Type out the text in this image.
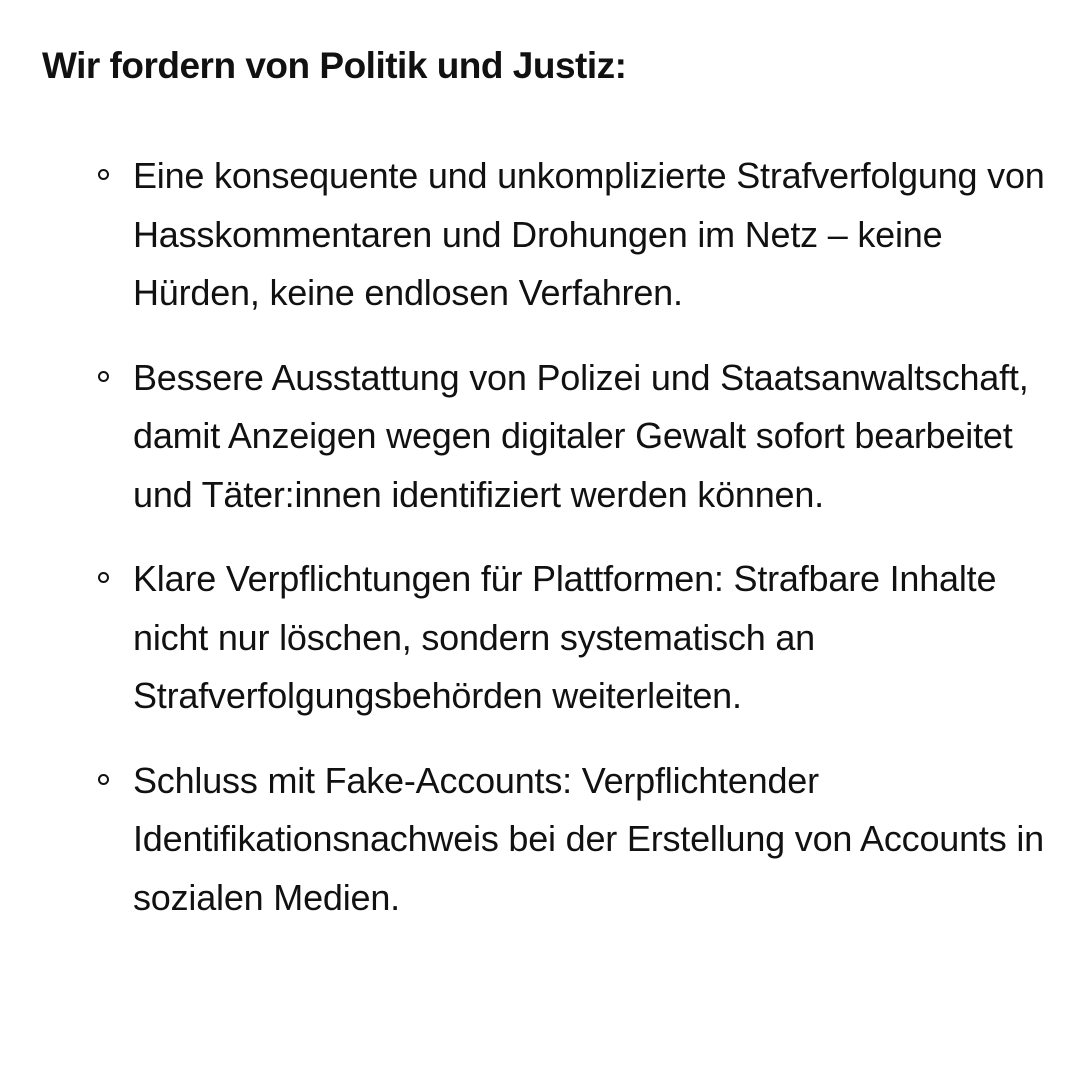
Wir fordern von Politik und Justiz:
Eine konsequente und unkomplizierte Strafverfolgung von Hasskommentaren und Drohungen im Netz – keine Hürden, keine endlosen Verfahren.
Bessere Ausstattung von Polizei und Staatsanwaltschaft, damit Anzeigen wegen digitaler Gewalt sofort bearbeitet und Täter:innen identifiziert werden können.
Klare Verpflichtungen für Plattformen: Strafbare Inhalte nicht nur löschen, sondern systematisch an Strafverfolgungsbehörden weiterleiten.
Schluss mit Fake-Accounts: Verpflichtender Identifikationsnachweis bei der Erstellung von Accounts in sozialen Medien.
